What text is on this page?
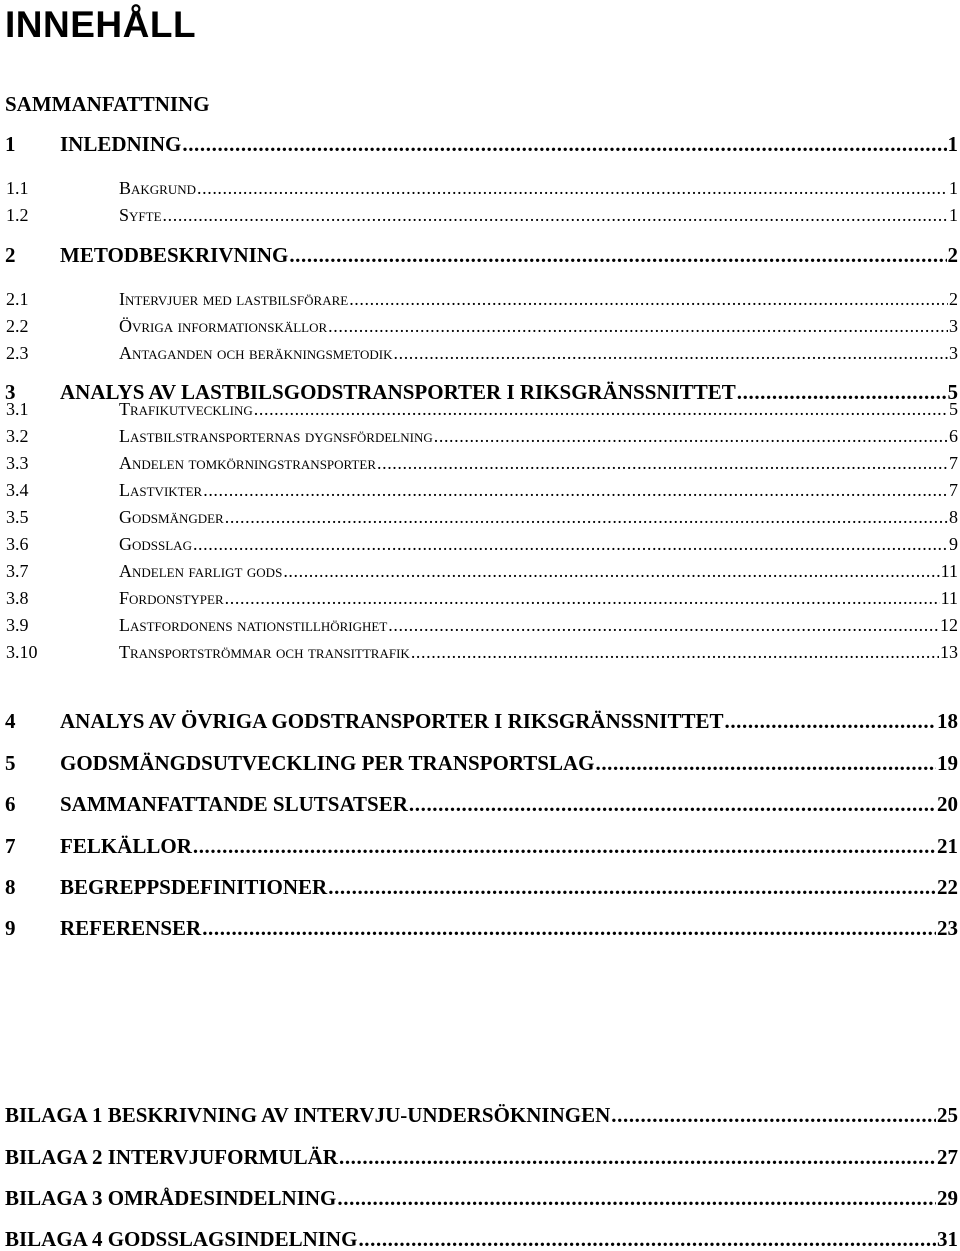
INNEHÅLL
SAMMANFATTNING
1	INLEDNING .....	1
1.1	Bakgrund .....	1
1.2	Syfte .....	1
2	METODBESKRIVNING .....	2
2.1	Intervjuer med lastbilsförare .....	2
2.2	Övriga informationskällor .....	3
2.3	Antaganden och beräkningsmetodik .....	3
3	ANALYS AV LASTBILSGODSTRANSPORTER I RIKSGRÄNSSNITTET .....	5
3.1	Trafikutveckling .....	5
3.2	Lastbilstransporternas dygnsfördelning .....	6
3.3	Andelen tomkörningstransporter .....	7
3.4	Lastvikter .....	7
3.5	Godsmängder .....	8
3.6	Godsslag .....	9
3.7	Andelen farligt gods .....	11
3.8	Fordonstyper .....	11
3.9	Lastfordonens nationstillhörighet .....	12
3.10	Transportströmmar och transittrafik .....	13
4	ANALYS AV ÖVRIGA GODSTRANSPORTER I RIKSGRÄNSSNITTET .....	18
5	GODSMÄNGDSUTVECKLING PER TRANSPORTSLAG .....	19
6	SAMMANFATTANDE SLUTSATSER .....	20
7	FELKÄLLOR .....	21
8	BEGREPPSDEFINITIONER .....	22
9	REFERENSER .....	23
BILAGA 1 BESKRIVNING AV INTERVJU-UNDERSÖKNINGEN .....	25
BILAGA 2 INTERVJUFORMULÄR .....	27
BILAGA 3 OMRÅDESINDELNING .....	29
BILAGA 4 GODSSLAGSINDELNING .....	31
